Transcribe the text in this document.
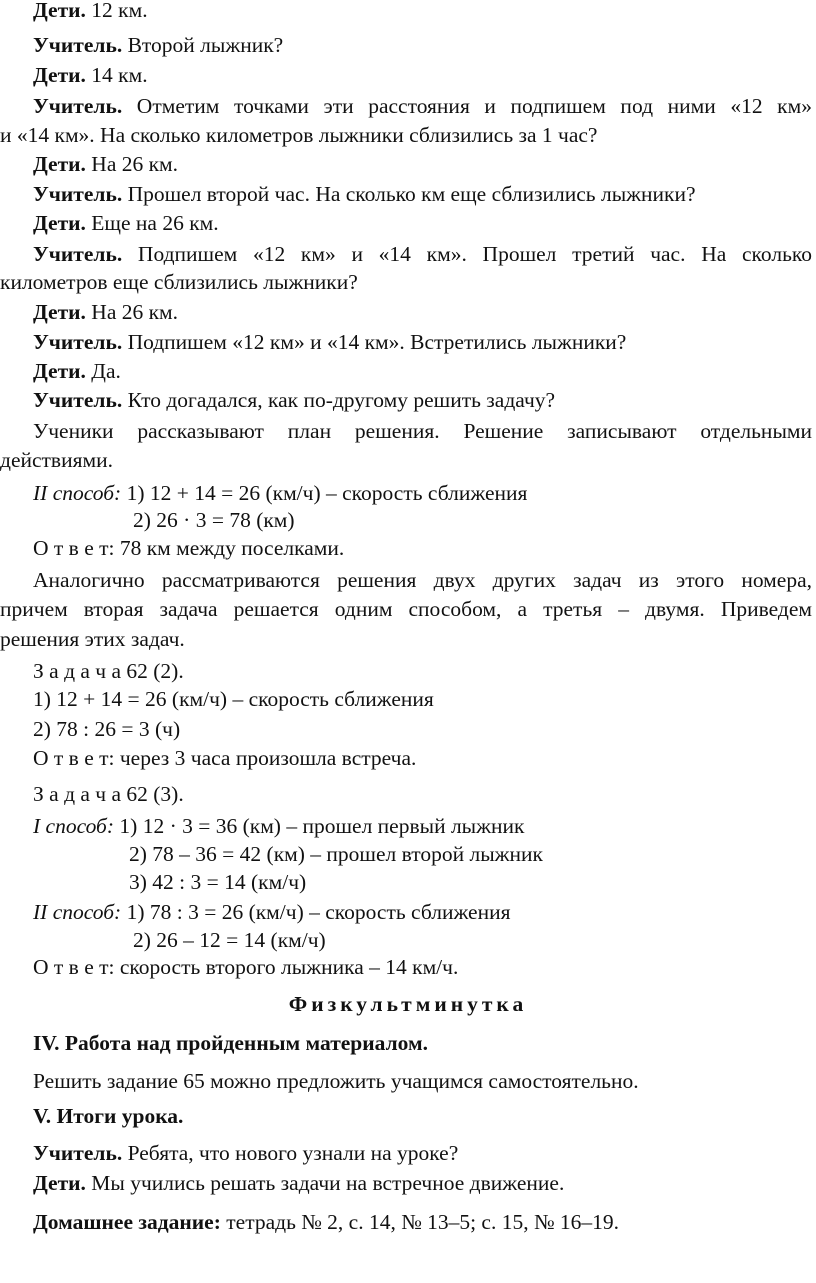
Дети. 12 км.
Учитель. Второй лыжник?
Дети. 14 км.
Учитель. Отметим точками эти расстояния и подпишем под ними «12 км»
и «14 км». На сколько километров лыжники сблизились за 1 час?
Дети. На 26 км.
Учитель. Прошел второй час. На сколько км еще сблизились лыжники?
Дети. Еще на 26 км.
Учитель. Подпишем «12 км» и «14 км». Прошел третий час. На сколько
километров еще сблизились лыжники?
Дети. На 26 км.
Учитель. Подпишем «12 км» и «14 км». Встретились лыжники?
Дети. Да.
Учитель. Кто догадался, как по-другому решить задачу?
Ученики рассказывают план решения. Решение записывают отдельными
действиями.
II способ: 1) 12 + 14 = 26 (км/ч) – скорость сближения
2) 26 · 3 = 78 (км)
О т в е т: 78 км между поселками.
Аналогично рассматриваются решения двух других задач из этого номера,
причем вторая задача решается одним способом, а третья – двумя. Приведем
решения этих задач.
З а д а ч а 62 (2).
1) 12 + 14 = 26 (км/ч) – скорость сближения
2) 78 : 26 = 3 (ч)
О т в е т: через 3 часа произошла встреча.
З а д а ч а 62 (3).
I способ: 1) 12 · 3 = 36 (км) – прошел первый лыжник
2) 78 – 36 = 42 (км) – прошел второй лыжник
3) 42 : 3 = 14 (км/ч)
II способ: 1) 78 : 3 = 26 (км/ч) – скорость сближения
2) 26 – 12 = 14 (км/ч)
О т в е т: скорость второго лыжника – 14 км/ч.
Физкультминутка
IV. Работа над пройденным материалом.
Решить задание 65 можно предложить учащимся самостоятельно.
V. Итоги урока.
Учитель. Ребята, что нового узнали на уроке?
Дети. Мы учились решать задачи на встречное движение.
Домашнее задание: тетрадь № 2, с. 14, № 13–5; с. 15, № 16–19.
